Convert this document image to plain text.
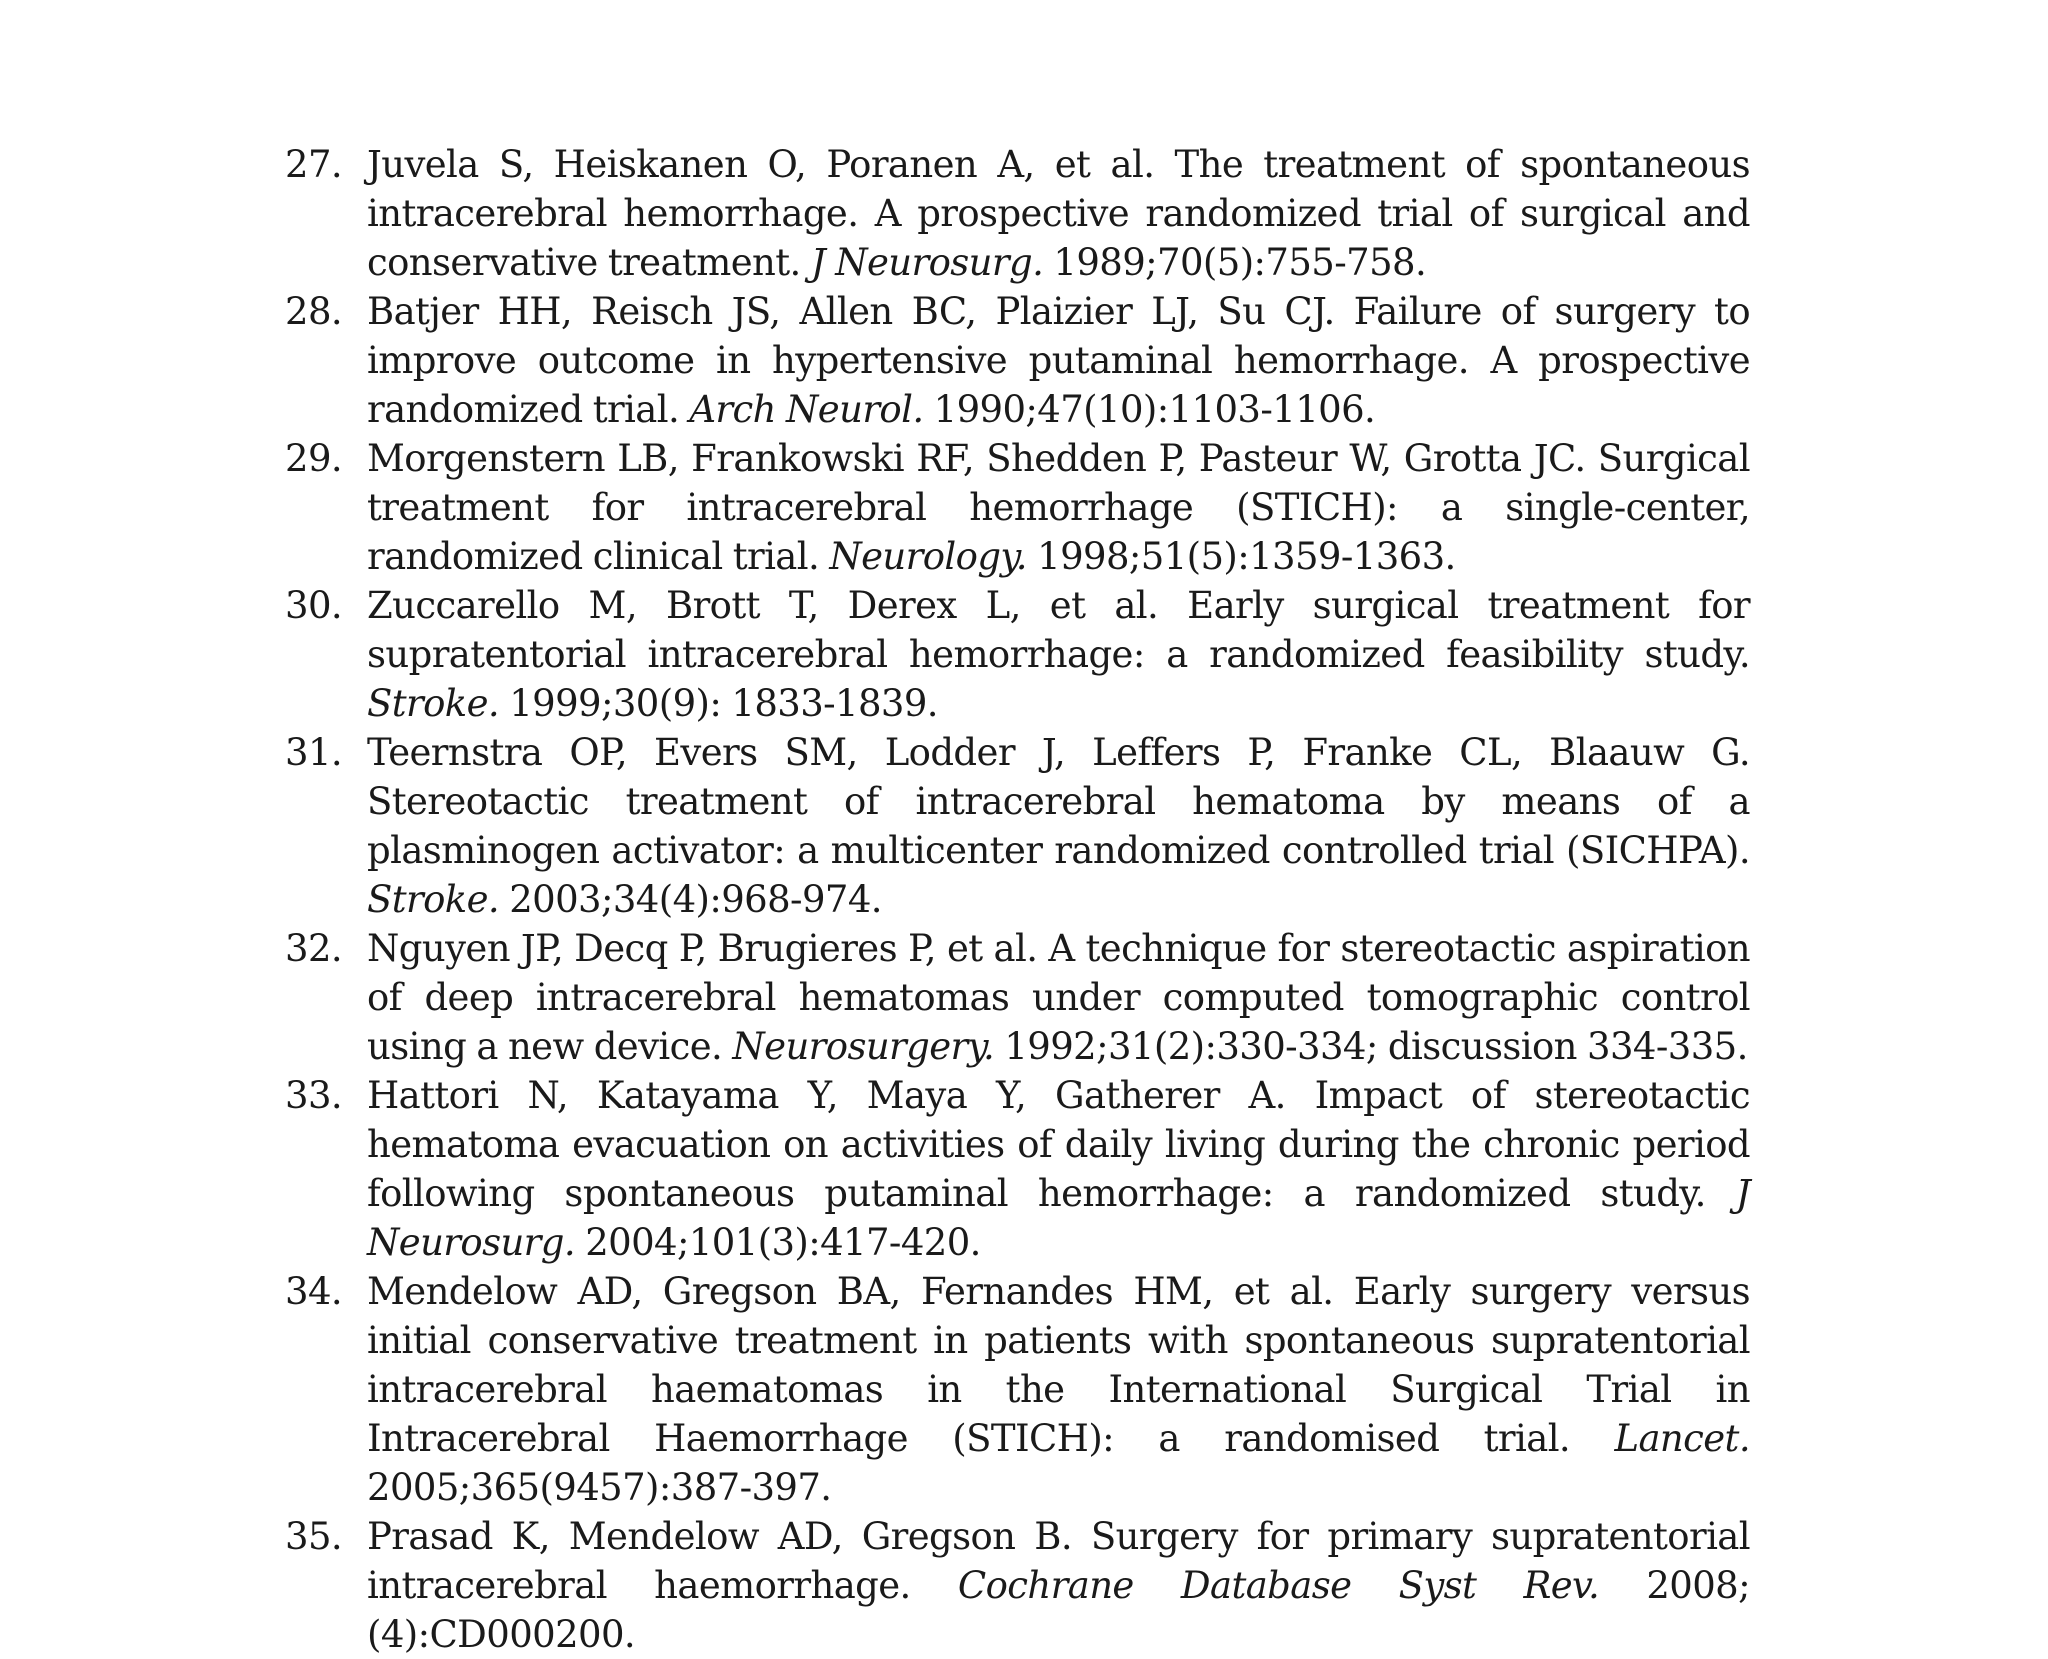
27. Juvela S, Heiskanen O, Poranen A, et al. The treatment of spontaneous intracerebral hemorrhage. A prospective randomized trial of surgical and conservative treatment. J Neurosurg. 1989;70(5):755-758.
28. Batjer HH, Reisch JS, Allen BC, Plaizier LJ, Su CJ. Failure of surgery to improve outcome in hypertensive putaminal hemorrhage. A prospective randomized trial. Arch Neurol. 1990;47(10):1103-1106.
29. Morgenstern LB, Frankowski RF, Shedden P, Pasteur W, Grotta JC. Surgical treatment for intracerebral hemorrhage (STICH): a single-center, randomized clinical trial. Neurology. 1998;51(5):1359-1363.
30. Zuccarello M, Brott T, Derex L, et al. Early surgical treatment for supratentorial intracerebral hemorrhage: a randomized feasibility study. Stroke. 1999;30(9): 1833-1839.
31. Teernstra OP, Evers SM, Lodder J, Leffers P, Franke CL, Blaauw G. Stereotactic treatment of intracerebral hematoma by means of a plasminogen activator: a multicenter randomized controlled trial (SICHPA). Stroke. 2003;34(4):968-974.
32. Nguyen JP, Decq P, Brugieres P, et al. A technique for stereotactic aspiration of deep intracerebral hematomas under computed tomographic control using a new device. Neurosurgery. 1992;31(2):330-334; discussion 334-335.
33. Hattori N, Katayama Y, Maya Y, Gatherer A. Impact of stereotactic hematoma evacuation on activities of daily living during the chronic period following spontaneous putaminal hemorrhage: a randomized study. J Neurosurg. 2004;101(3):417-420.
34. Mendelow AD, Gregson BA, Fernandes HM, et al. Early surgery versus initial conservative treatment in patients with spontaneous supratentorial intracerebral haematomas in the International Surgical Trial in Intracerebral Haemorrhage (STICH): a randomised trial. Lancet. 2005;365(9457):387-397.
35. Prasad K, Mendelow AD, Gregson B. Surgery for primary supratentorial intracerebral haemorrhage. Cochrane Database Syst Rev. 2008;(4):CD000200.
